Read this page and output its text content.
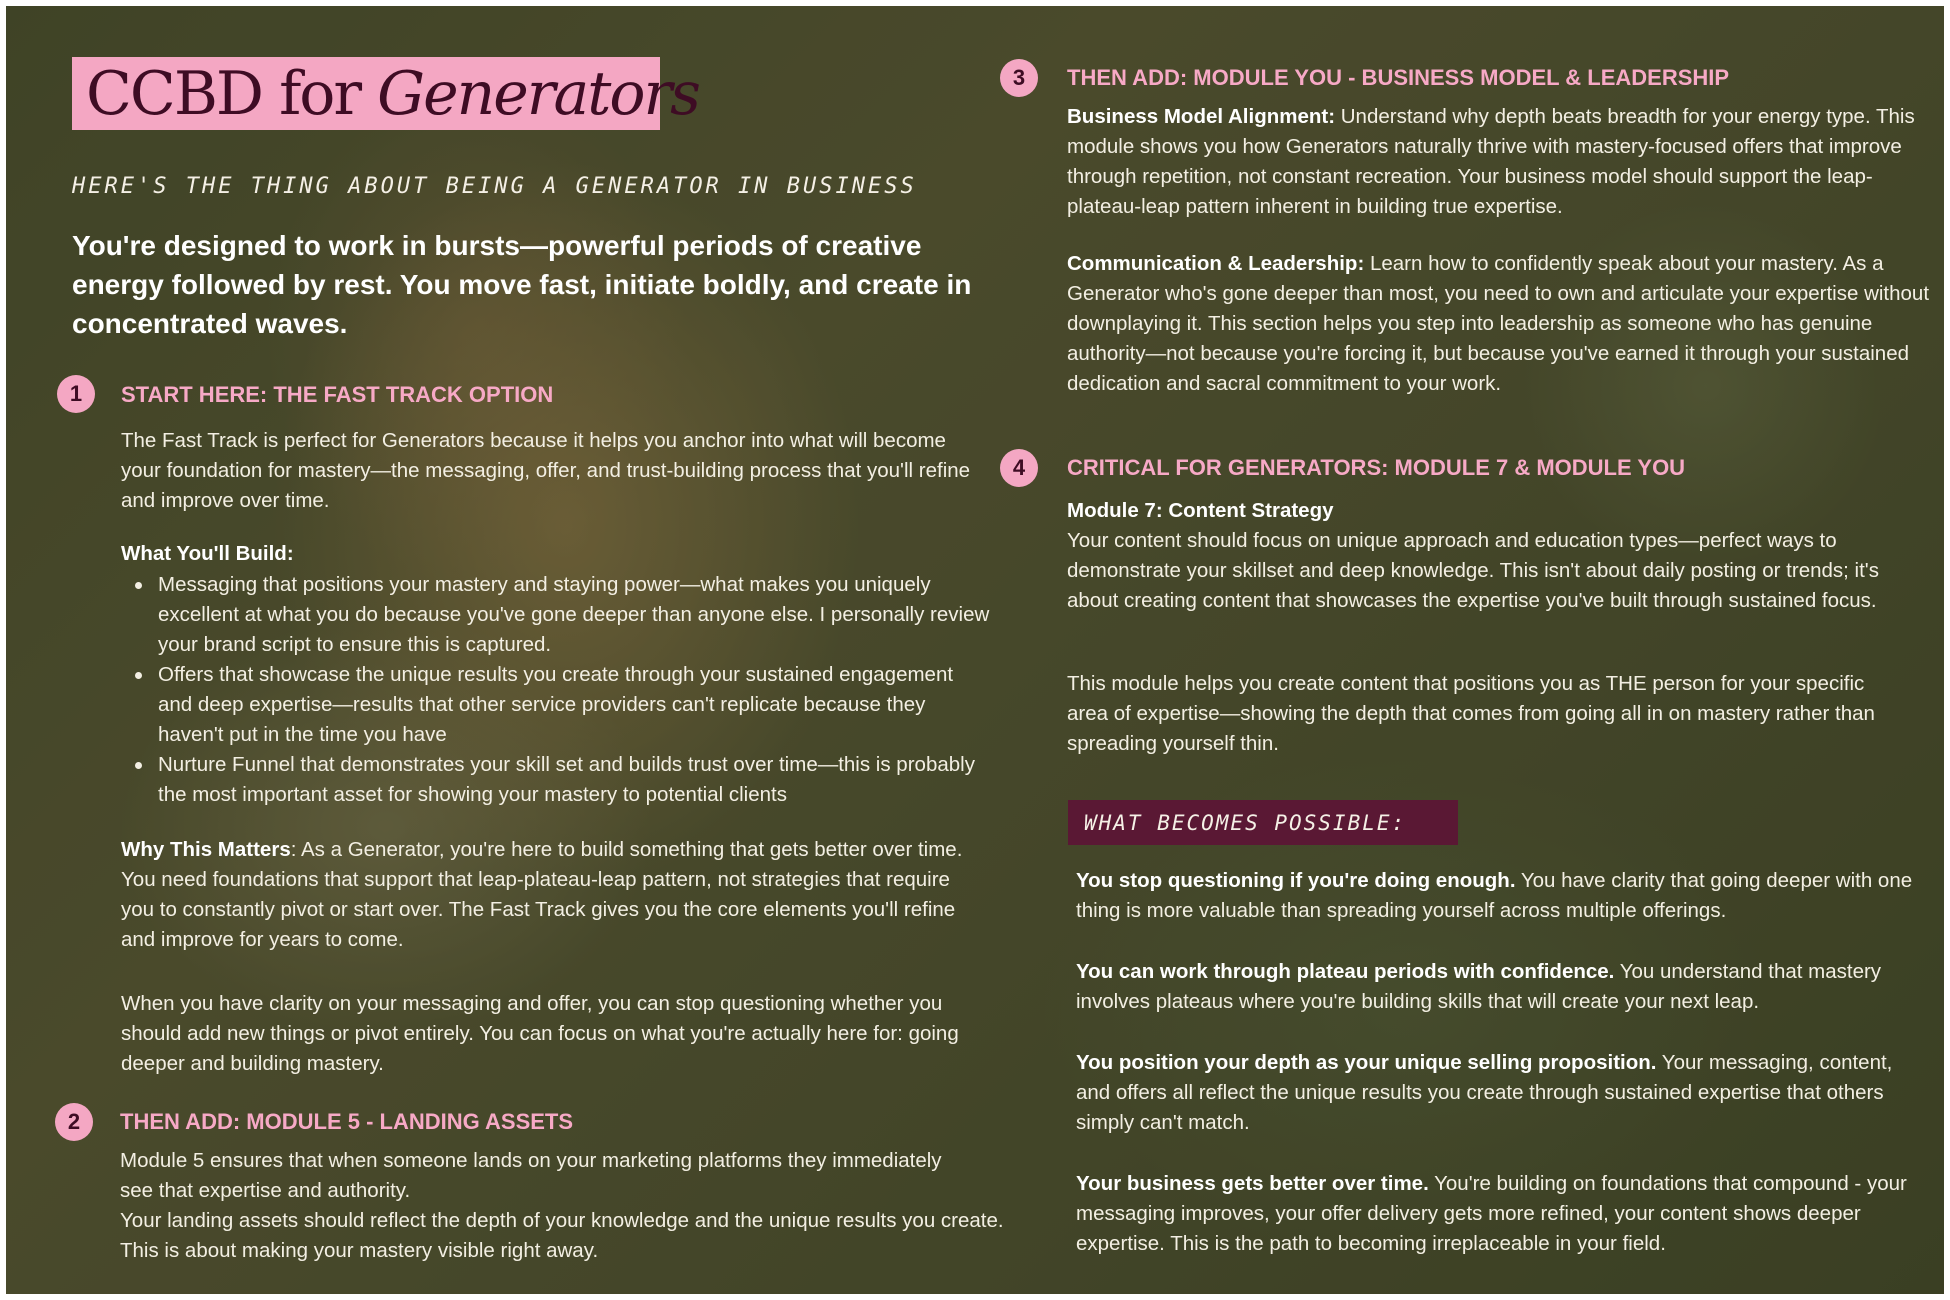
CCBD for Generators

HERE'S THE THING ABOUT BEING A GENERATOR IN BUSINESS

You're designed to work in bursts—powerful periods of creative energy followed by rest. You move fast, initiate boldly, and create in concentrated waves.

1	START HERE: THE FAST TRACK OPTION

The Fast Track is perfect for Generators because it helps you anchor into what will become your foundation for mastery—the messaging, offer, and trust-building process that you'll refine and improve over time.

What You'll Build:

Messaging that positions your mastery and staying power—what makes you uniquely excellent at what you do because you've gone deeper than anyone else. I personally review your brand script to ensure this is captured.
Offers that showcase the unique results you create through your sustained engagement and deep expertise—results that other service providers can't replicate because they haven't put in the time you have
Nurture Funnel that demonstrates your skill set and builds trust over time—this is probably the most important asset for showing your mastery to potential clients

Why This Matters: As a Generator, you're here to build something that gets better over time. You need foundations that support that leap-plateau-leap pattern, not strategies that require you to constantly pivot or start over. The Fast Track gives you the core elements you'll refine and improve for years to come.

When you have clarity on your messaging and offer, you can stop questioning whether you should add new things or pivot entirely. You can focus on what you're actually here for: going deeper and building mastery.

2	THEN ADD: MODULE 5 - LANDING ASSETS

Module 5 ensures that when someone lands on your marketing platforms they immediately see that expertise and authority.

Your landing assets should reflect the depth of your knowledge and the unique results you create. This is about making your mastery visible right away.

3	THEN ADD: MODULE YOU - BUSINESS MODEL & LEADERSHIP

Business Model Alignment: Understand why depth beats breadth for your energy type. This module shows you how Generators naturally thrive with mastery-focused offers that improve through repetition, not constant recreation. Your business model should support the leap-plateau-leap pattern inherent in building true expertise.

Communication & Leadership: Learn how to confidently speak about your mastery. As a Generator who's gone deeper than most, you need to own and articulate your expertise without downplaying it. This section helps you step into leadership as someone who has genuine authority—not because you're forcing it, but because you've earned it through your sustained dedication and sacral commitment to your work.

4	CRITICAL FOR GENERATORS: MODULE 7 & MODULE YOU

Module 7: Content Strategy

Your content should focus on unique approach and education types—perfect ways to demonstrate your skillset and deep knowledge. This isn't about daily posting or trends; it's about creating content that showcases the expertise you've built through sustained focus.

This module helps you create content that positions you as THE person for your specific area of expertise—showing the depth that comes from going all in on mastery rather than spreading yourself thin.

WHAT BECOMES POSSIBLE:

You stop questioning if you're doing enough. You have clarity that going deeper with one thing is more valuable than spreading yourself across multiple offerings.

You can work through plateau periods with confidence. You understand that mastery involves plateaus where you're building skills that will create your next leap.

You position your depth as your unique selling proposition. Your messaging, content, and offers all reflect the unique results you create through sustained expertise that others simply can't match.

Your business gets better over time. You're building on foundations that compound - your messaging improves, your offer delivery gets more refined, your content shows deeper expertise. This is the path to becoming irreplaceable in your field.
